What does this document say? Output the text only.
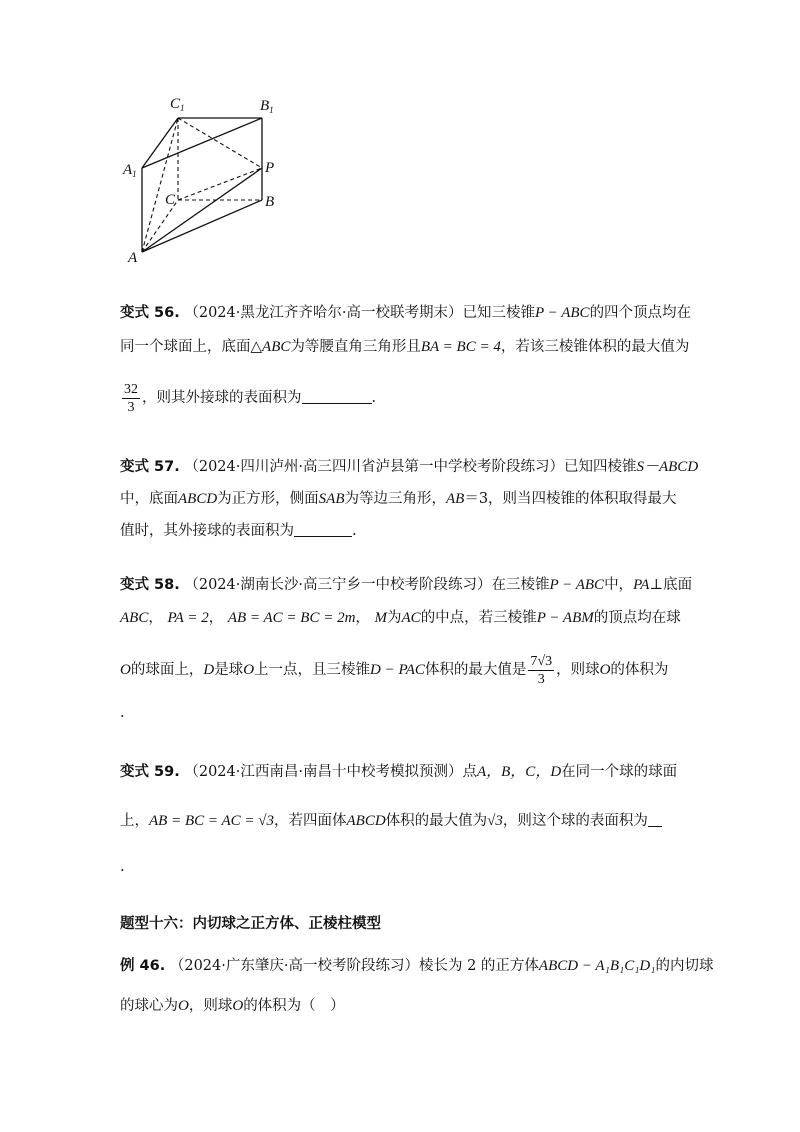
$C_1$	$B_1$
$A_1$	P
C	B
A
变式 56. （2024·黑龙江齐齐哈尔·高一校联考期末）已知三棱锥P − ABC的四个顶点均在
同一个球面上，底面△ABC为等腰直角三角形且BA = BC = 4，若该三棱锥体积的最大值为
$\frac{32}{3}$ ，则其外接球的表面积为	.
变式 57. （2024·四川泸州·高三四川省泸县第一中学校考阶段练习）已知四棱锥S－ABCD
中，底面ABCD为正方形，侧面SAB为等边三角形，AB＝3，则当四棱锥的体积取得最大
值时，其外接球的表面积为	.
变式 58. （2024·湖南长沙·高三宁乡一中校考阶段练习）在三棱锥P − ABC中，PA⊥底面
ABC， PA = 2， AB = AC = BC = 2m， M为AC的中点，若三棱锥P − ABM的顶点均在球
O的球面上，D是球O上一点，且三棱锥D − PAC体积的最大值是 $\frac{7√3}{3}$ ，则球O的体积为
.
变式 59. （2024·江西南昌·南昌十中校考模拟预测）点A，B，C，D在同一个球的球面
上，AB = BC = AC = √3，若四面体ABCD体积的最大值为√3，则这个球的表面积为
.
题型十六：内切球之正方体、正棱柱模型
例 46. （2024·广东肇庆·高一校考阶段练习）棱长为 2 的正方体ABCD − A₁B₁C₁D₁的内切球
的球心为O，则球O的体积为（　）
